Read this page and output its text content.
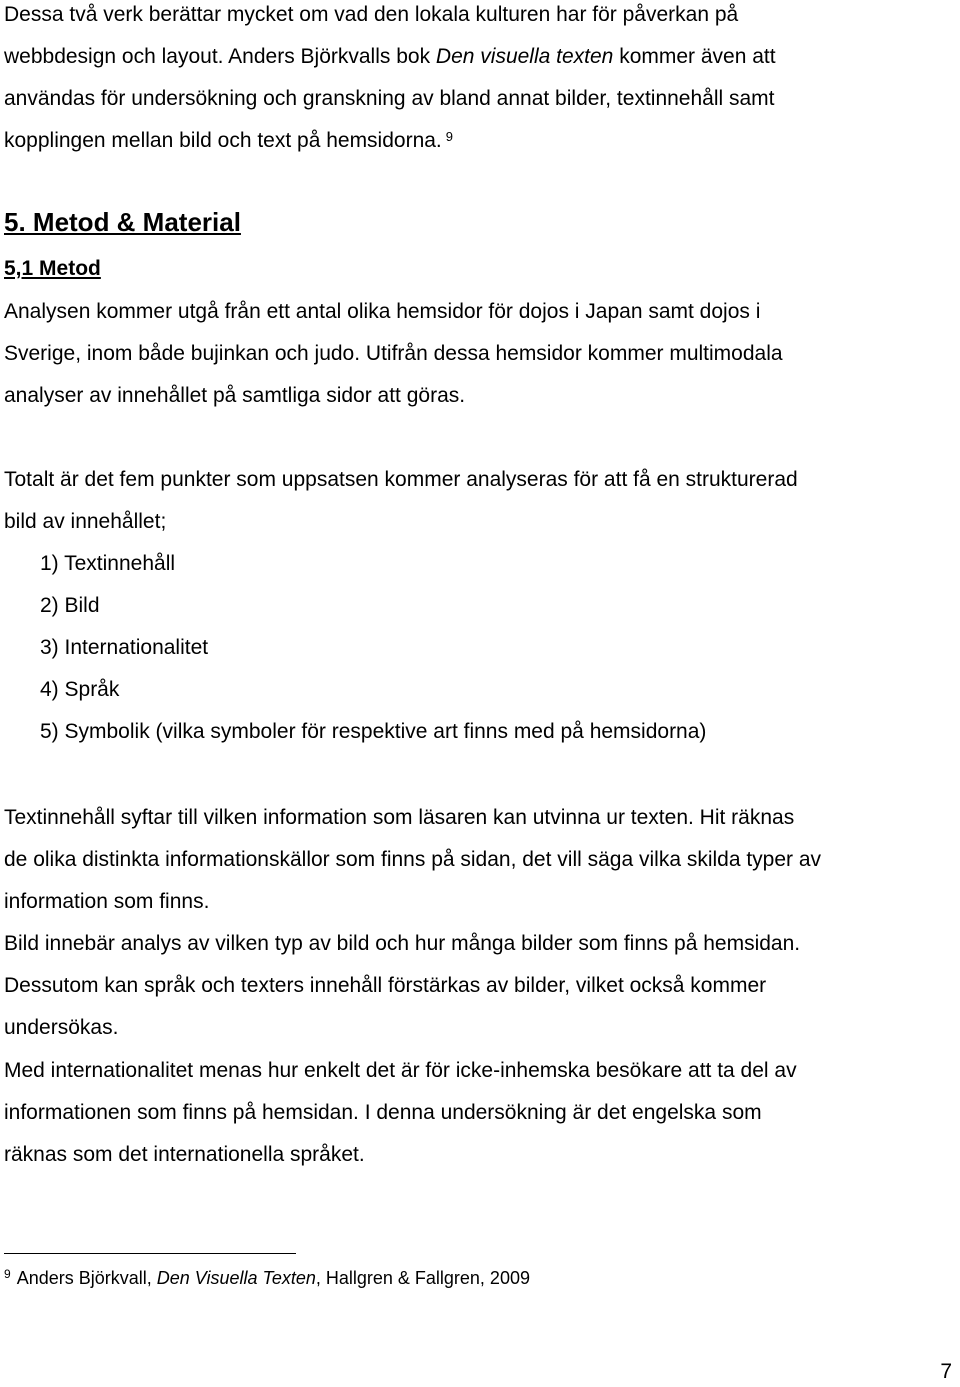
Dessa två verk berättar mycket om vad den lokala kulturen har för påverkan på
webbdesign och layout. Anders Björkvalls bok Den visuella texten kommer även att
användas för undersökning och granskning av bland annat bilder, textinnehåll samt
kopplingen mellan bild och text på hemsidorna. $^9$

5. Metod & Material
5,1 Metod

Analysen kommer utgå från ett antal olika hemsidor för dojos i Japan samt dojos i
Sverige, inom både bujinkan och judo. Utifrån dessa hemsidor kommer multimodala
analyser av innehållet på samtliga sidor att göras.

Totalt är det fem punkter som uppsatsen kommer analyseras för att få en strukturerad
bild av innehållet;

1) Textinnehåll
2) Bild
3) Internationalitet
4) Språk
5) Symbolik (vilka symboler för respektive art finns med på hemsidorna)

Textinnehåll syftar till vilken information som läsaren kan utvinna ur texten. Hit räknas
de olika distinkta informationskällor som finns på sidan, det vill säga vilka skilda typer av
information som finns.

Bild innebär analys av vilken typ av bild och hur många bilder som finns på hemsidan.
Dessutom kan språk och texters innehåll förstärkas av bilder, vilket också kommer
undersökas.

Med internationalitet menas hur enkelt det är för icke-inhemska besökare att ta del av
informationen som finns på hemsidan. I denna undersökning är det engelska som
räknas som det internationella språket.

$^9$ Anders Björkvall, Den Visuella Texten, Hallgren & Fallgren, 2009
7
